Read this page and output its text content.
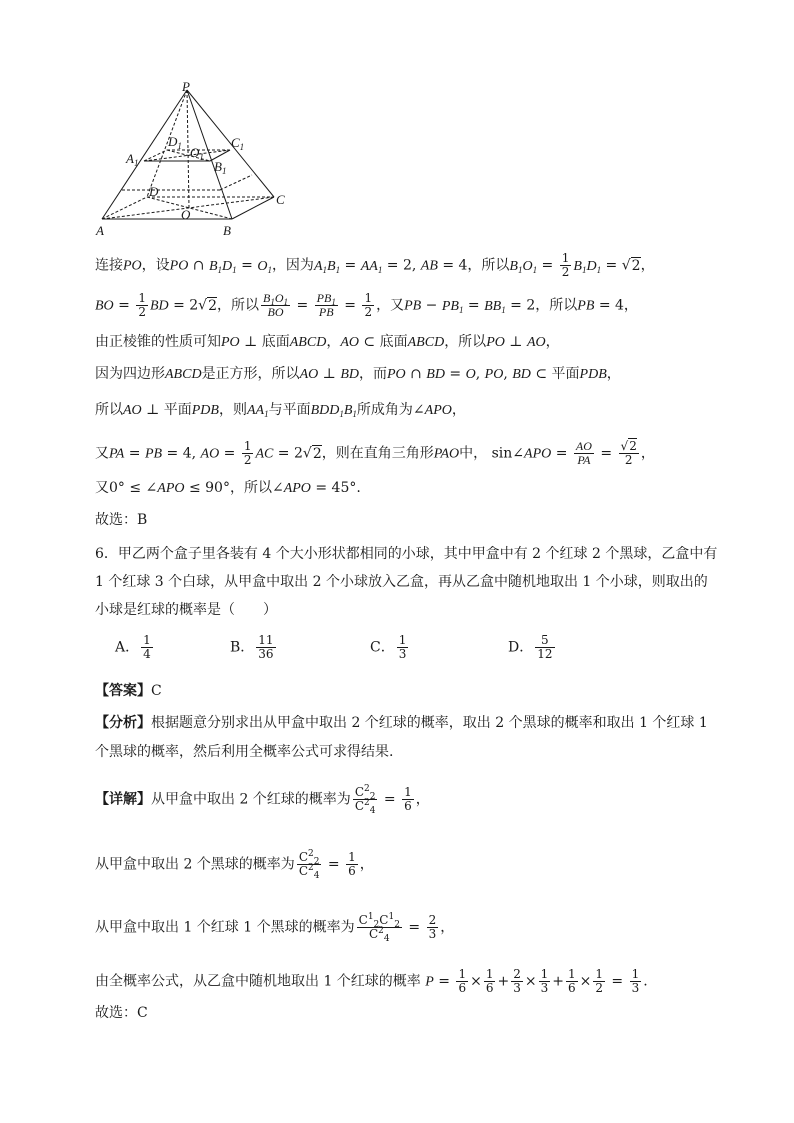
P
$D_1$ $O_1$
$C_1$
$A_1$	$B_1$
D
C
O
A	B
连接PO，设PO ∩ $B_1D_1 = O_1$，因为$A_1B_1 = AA_1 = 2$, AB = 4，所以$B_1O_1 = \frac{1}{2} B_1D_1 = √2$，
BO = $\frac{1}{2}$ BD = 2√2，所以 $\frac{B_1O_1}{BO} = \frac{PB_1}{PB} = \frac{1}{2}$ ，又PB − $PB_1 = BB_1 = 2$，所以PB = 4，
由正棱锥的性质可知PO ⊥ 底面ABCD，AO ⊂ 底面ABCD，所以PO ⊥ AO，
因为四边形ABCD是正方形，所以AO ⊥ BD，而PO ∩ BD = O, PO, BD ⊂ 平面PDB，
所以AO ⊥ 平面PDB，则$AA_1$与平面$BDD_1B_1$所成角为∠APO，
又PA = PB = 4, AO = $\frac{1}{2}$ AC = 2√2，则在直角三角形PAO中， sin∠APO = $\frac{AO}{PA} = \frac{√2}{2}$ ，
又0° ≤ ∠APO ≤ 90°，所以∠APO = 45°.
故选：B
6．甲乙两个盒子里各装有 4 个大小形状都相同的小球，其中甲盒中有 2 个红球 2 个黑球，乙盒中有
1 个红球 3 个白球，从甲盒中取出 2 个小球放入乙盒，再从乙盒中随机地取出 1 个小球，则取出的
小球是红球的概率是（　　）
A． $\frac{1}{4}$	B． $\frac{11}{36}$	C． $\frac{1}{3}$	D． $\frac{5}{12}$
【答案】C
【分析】根据题意分别求出从甲盒中取出 2 个红球的概率，取出 2 个黑球的概率和取出 1 个红球 1
个黑球的概率，然后利用全概率公式可求得结果.
【详解】从甲盒中取出 2 个红球的概率为 $\frac{C^2_2}{C^2_4} = \frac{1}{6}$ ，
从甲盒中取出 2 个黑球的概率为 $\frac{C^2_2}{C^2_4} = \frac{1}{6}$ ，
从甲盒中取出 1 个红球 1 个黑球的概率为 $\frac{C^1_2C^1_2}{C^2_4} = \frac{2}{3}$ ，
由全概率公式，从乙盒中随机地取出 1 个红球的概率 $P = \frac{1}{6} \times \frac{1}{6} + \frac{2}{3} \times \frac{1}{3} + \frac{1}{6} \times \frac{1}{2} = \frac{1}{3}$ .
故选：C
